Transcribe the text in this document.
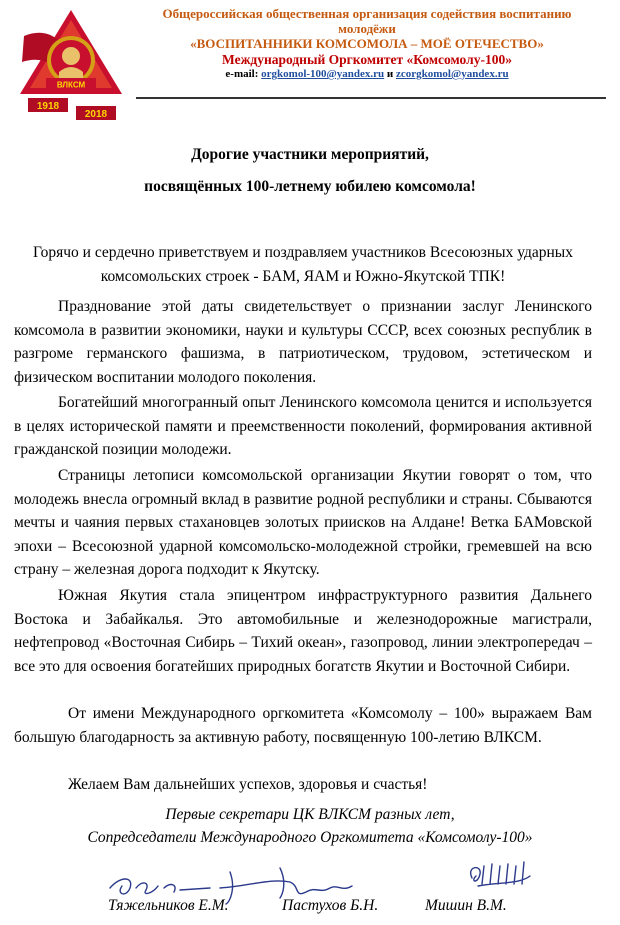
ВЛКСМ
1918
2018
Общероссийская общественная организация содействия воспитанию
молодёжи
«ВОСПИТАННИКИ КОМСОМОЛА – МОЁ ОТЕЧЕСТВО»
Международный Оргкомитет «Комсомолу-100»
e-mail: orgkomol-100@yandex.ru и zcorgkomol@yandex.ru
Дорогие участники мероприятий,
посвящённых 100-летнему юбилею комсомола!
Горячо и сердечно приветствуем и поздравляем участников Всесоюзных ударных комсомольских строек - БАМ, ЯАМ и Южно-Якутской ТПК!
Празднование этой даты свидетельствует о признании заслуг Ленинского комсомола в развитии экономики, науки и культуры СССР, всех союзных республик в разгроме германского фашизма, в патриотическом, трудовом, эстетическом и физическом воспитании молодого поколения.
Богатейший многогранный опыт Ленинского комсомола ценится и используется в целях исторической памяти и преемственности поколений, формирования активной гражданской позиции молодежи.
Страницы летописи комсомольской организации Якутии говорят о том, что молодежь внесла огромный вклад в развитие родной республики и страны. Сбываются мечты и чаяния первых стахановцев золотых приисков на Алдане! Ветка БАМовской эпохи – Всесоюзной ударной комсомольско-молодежной стройки, гремевшей на всю страну – железная дорога подходит к Якутску.
Южная Якутия стала эпицентром инфраструктурного развития Дальнего Востока и Забайкалья. Это автомобильные и железнодорожные магистрали, нефтепровод «Восточная Сибирь – Тихий океан», газопровод, линии электропередач – все это для освоения богатейших природных богатств Якутии и Восточной Сибири.
От имени Международного оргкомитета «Комсомолу – 100» выражаем Вам большую благодарность за активную работу, посвященную 100-летию ВЛКСМ.
Желаем Вам дальнейших успехов, здоровья и счастья!
Первые секретари ЦК ВЛКСМ разных лет,
Сопредседатели Международного Оргкомитета «Комсомолу-100»
Тяжельников Е.М.	Пастухов Б.Н.	Мишин В.М.
